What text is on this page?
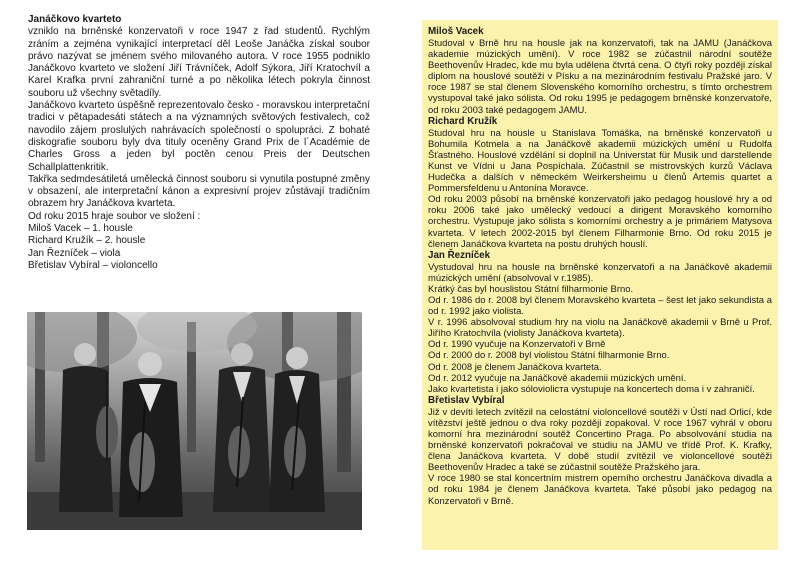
Janáčkovo kvarteto

vzniklo na brněnské konzervatoři v roce 1947 z řad studentů. Rychlým zráním a zejména vynikající interpretací děl Leoše Janáčka získal soubor právo nazývat se jménem svého milovaného autora. V roce 1955 podniklo Janáčkovo kvarteto ve složení Jiří Trávníček, Adolf Sýkora, Jiří Kratochvíl a Karel Krafka první zahraniční turné a po několika létech pokryla činnost souboru už všechny světadíly.

Janáčkovo kvarteto úspěšně reprezentovalo česko - moravskou interpretační tradici v pětapadesáti státech a na významných světových festivalech, což navodilo zájem proslulých nahrávacích společností o spolupráci. Z bohaté diskografie souboru byly dva tituly oceněny Grand Prix de l´Académie de Charles Gross a jeden byl poctěn cenou Preis der Deutschen Schallplattenkritik.

Takřka sedmdesátiletá umělecká činnost souboru si vynutila postupné změny v obsazení, ale interpretační kánon a expresivní projev zůstávají tradičním obrazem hry Janáčkova kvarteta.

Od roku 2015 hraje soubor ve složení :

Miloš Vacek – 1. housle

Richard Kružík – 2. housle

Jan Řezníček – viola

Břetislav Vybíral – violoncello

Miloš Vacek

Studoval v Brně hru na housle jak na konzervatoři, tak na JAMU (Janáčkova akademie múzických umění). V roce 1982 se zúčastnil národní soutěže Beethovenův Hradec, kde mu byla udělena čtvrtá cena. O čtyři roky později získal diplom na houslové soutěži v Písku a na mezinárodním festivalu Pražské jaro. V roce 1987 se stal členem Slovenského komorního orchestru, s tímto orchestrem vystupoval také jako sólista. Od roku 1995 je pedagogem brněnské konzervatoře, od roku 2003 také pedagogem JAMU.

Richard Kružík

Studoval hru na housle u Stanislava Tomáška, na brněnské konzervatoři u Bohumila Kotmela a na Janáčkově akademii múzických umění u Rudolfa Šťastného. Houslové vzdělání si doplnil na Universtat für Musik und darstellende Kunst ve Vídni u Jana Pospíchala. Zúčastnil se mistrovských kurzů Václava Hudečka a dalších v německém Weirkersheimu u členů Artemis quartet a Pommersfeldenu u Antonína Moravce.

Od roku 2003 působí na brněnské konzervatoři jako pedagog houslové hry a od roku 2006 také jako umělecký vedoucí a dirigent Moravského komorního orchestru. Vystupuje jako sólista s komorními orchestry a je primáriem Matysova kvarteta. V letech 2002-2015 byl členem Filharmonie Brno. Od roku 2015 je členem Janáčkova kvarteta na postu druhých houslí.

Jan Řezníček

Vystudoval hru na housle na brněnské konzervatoři a na Janáčkově akademii múzických umění (absolvoval v r.1985).

Krátký čas byl houslistou Státní filharmonie Brno.

Od r. 1986 do r. 2008 byl členem Moravského kvarteta – šest let jako sekundista a od r. 1992 jako violista.

V r. 1996 absolvoval studium hry na violu na Janáčkově akademii v Brně u Prof. Jiřího Kratochvíla (violisty Janáčkova kvarteta).

Od r. 1990 vyučuje na Konzervatoři v Brně

Od r. 2000 do r. 2008 byl violistou Státní filharmonie Brno.

Od r. 2008 je členem Janáčkova kvarteta.

Od r. 2012 vyučuje na Janáčkově akademii múzických umění.

Jako kvartetista i jako sólovioliста vystupuje na koncertech doma i v zahraničí.

Břetislav Vybíral

Již v devíti letech zvítězil na celostátní violoncellové soutěži v Ústí nad Orlicí, kde vítězství ještě jednou o dva roky později zopakoval. V roce 1967 vyhrál v oboru komorní hra mezinárodní soutěž Concertino Praga. Po absolvování studia na brněnské konzervatoři pokračoval ve studiu na JAMU ve třídě Prof. K. Krafky, člena Janáčkova kvarteta. V době studií zvítězil ve violoncellové soutěži Beethovenův Hradec a také se zúčastnil soutěže Pražského jara.

V roce 1980 se stal koncertním mistrem operního orchestru Janáčkova divadla a od roku 1984 je členem Janáčkova kvarteta. Také působí jako pedagog na Konzervatoři v Brně.
